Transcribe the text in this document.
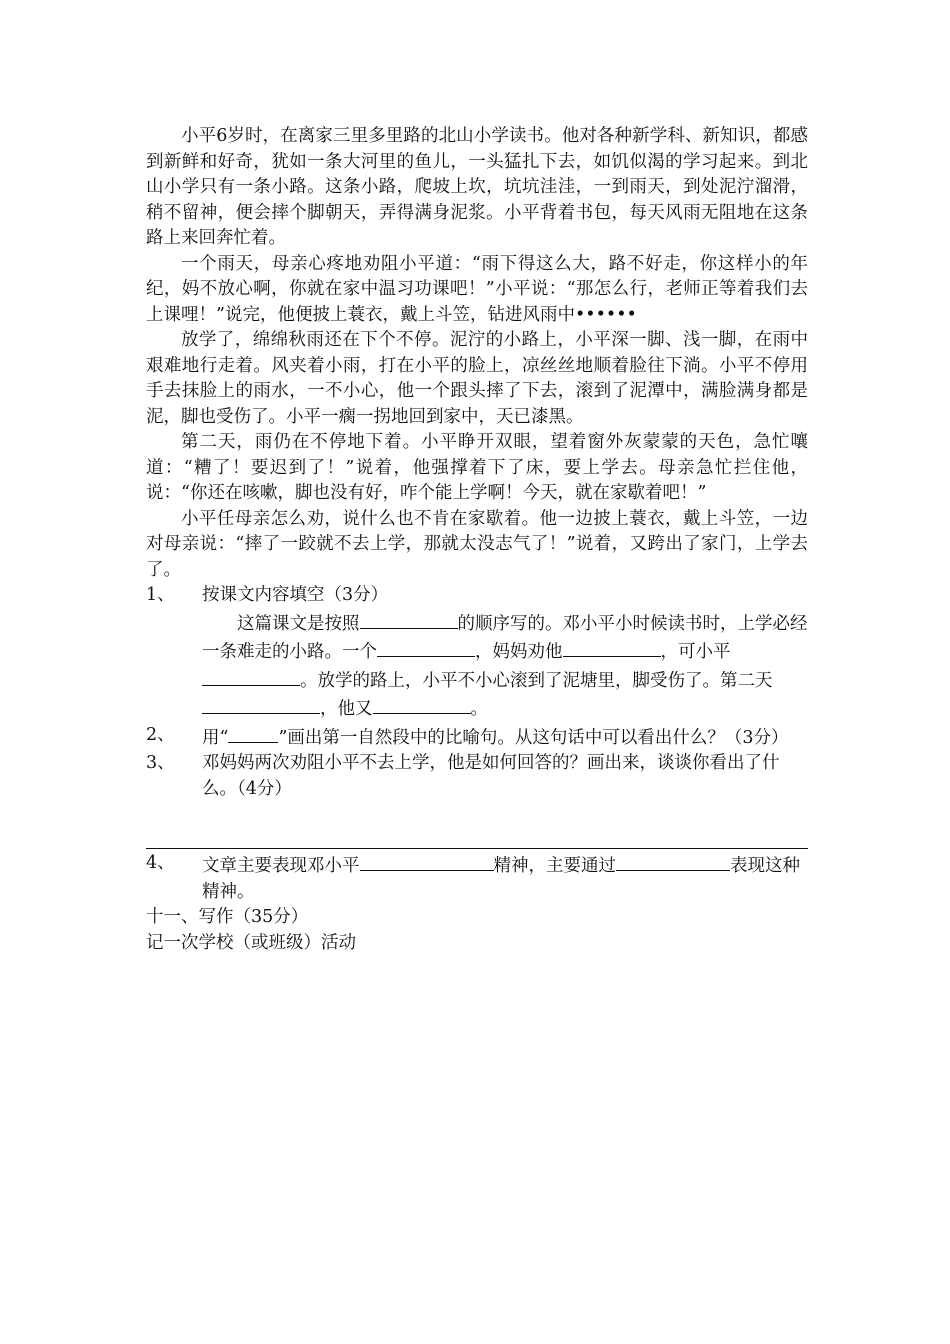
小平6岁时，在离家三里多里路的北山小学读书。他对各种新学科、新知识，都感到新鲜和好奇，犹如一条大河里的鱼儿，一头猛扎下去，如饥似渴的学习起来。到北山小学只有一条小路。这条小路，爬坡上坎，坑坑洼洼，一到雨天，到处泥泞溜滑，稍不留神，便会摔个脚朝天，弄得满身泥浆。小平背着书包，每天风雨无阻地在这条路上来回奔忙着。

一个雨天，母亲心疼地劝阻小平道：“雨下得这么大，路不好走，你这样小的年纪，妈不放心啊，你就在家中温习功课吧！”小平说：“那怎么行，老师正等着我们去上课哩！”说完，他便披上蓑衣，戴上斗笠，钻进风雨中••••••

放学了，绵绵秋雨还在下个不停。泥泞的小路上，小平深一脚、浅一脚，在雨中艰难地行走着。风夹着小雨，打在小平的脸上，凉丝丝地顺着脸往下淌。小平不停用手去抹脸上的雨水，一不小心，他一个跟头摔了下去，滚到了泥潭中，满脸满身都是泥，脚也受伤了。小平一瘸一拐地回到家中，天已漆黑。

第二天，雨仍在不停地下着。小平睁开双眼，望着窗外灰蒙蒙的天色，急忙嚷道：“糟了！要迟到了！”说着，他强撑着下了床，要上学去。母亲急忙拦住他，说：“你还在咳嗽，脚也没有好，咋个能上学啊！今天，就在家歇着吧！”

小平任母亲怎么劝，说什么也不肯在家歇着。他一边披上蓑衣，戴上斗笠，一边对母亲说：“摔了一跤就不去上学，那就太没志气了！”说着，又跨出了家门，上学去了。

1、	按课文内容填空（3分）
这篇课文是按照	的顺序写的。邓小平小时候读书时，上学必经一条难走的小路。一个	，妈妈劝他	，可小平。放学的路上，小平不小心滚到了泥塘里，脚受伤了。第二天，他又	。
2、	用“	”画出第一自然段中的比喻句。从这句话中可以看出什么？（3分）
3、	邓妈妈两次劝阻小平不去上学，他是如何回答的？画出来，谈谈你看出了什么。（4分）
4、	文章主要表现邓小平	精神，主要通过	表现这种精神。
十一、写作（35分）
记一次学校（或班级）活动
